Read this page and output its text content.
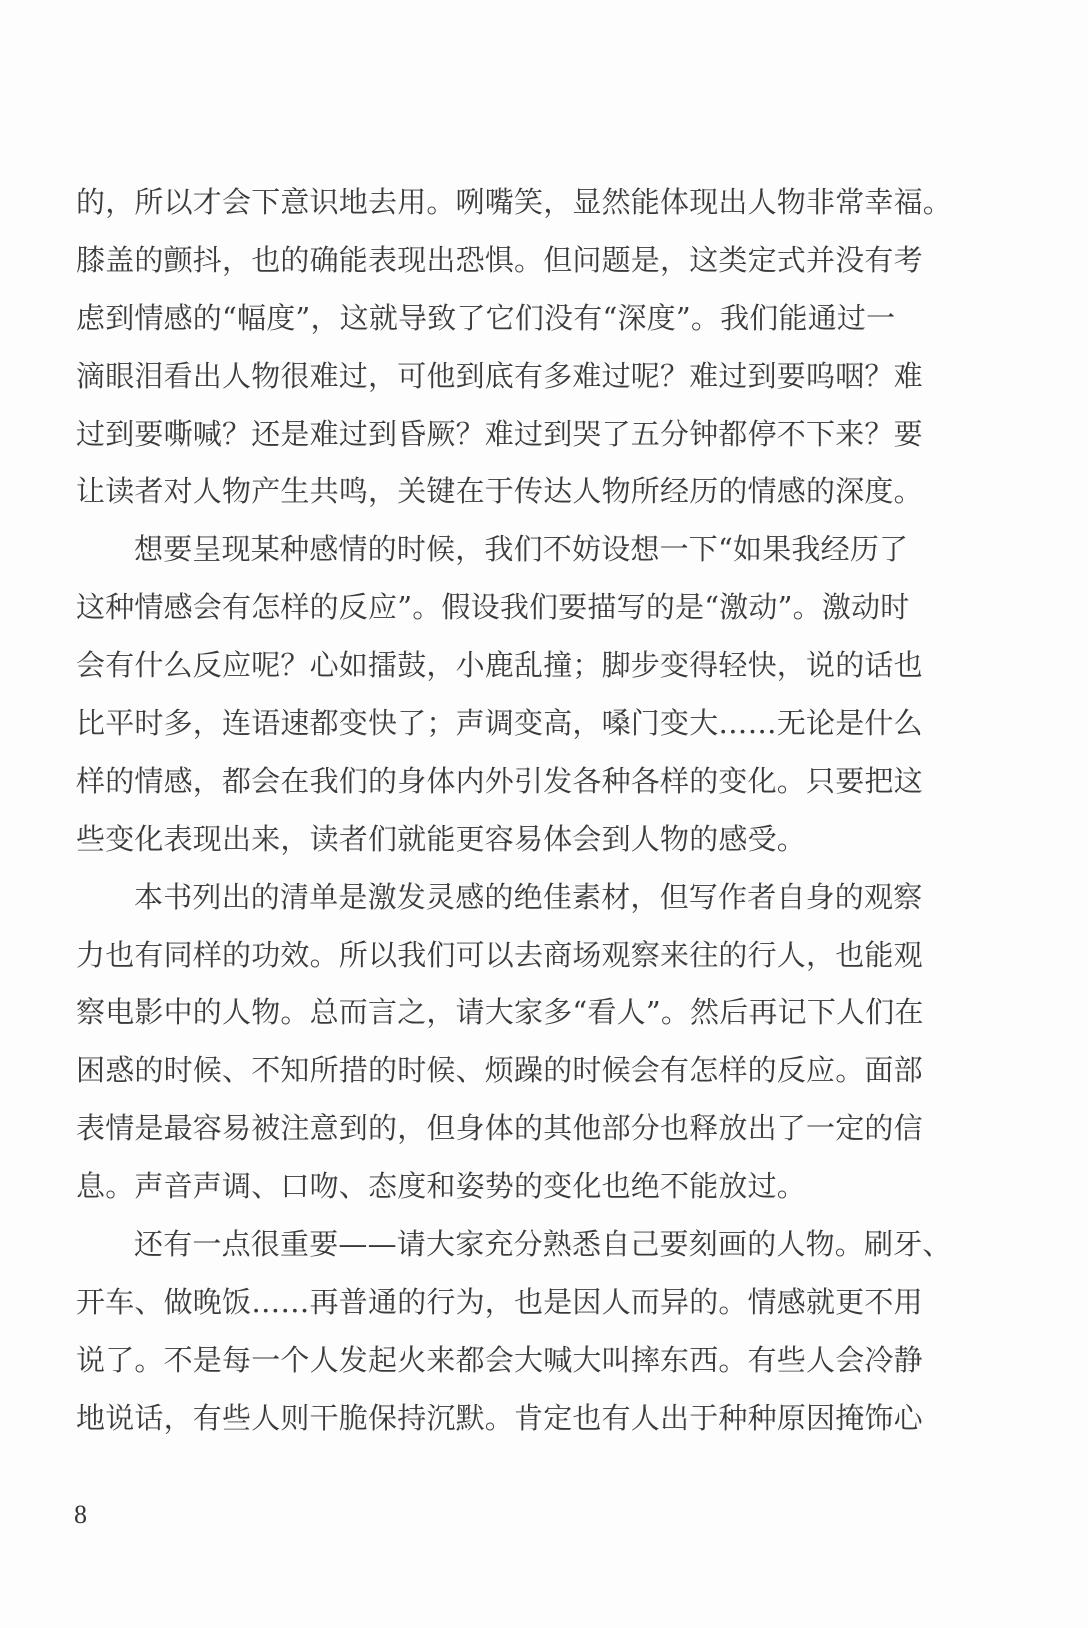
的，所以才会下意识地去用。咧嘴笑，显然能体现出人物非常幸福。
膝盖的颤抖，也的确能表现出恐惧。但问题是，这类定式并没有考
虑到情感的“幅度”，这就导致了它们没有“深度”。我们能通过一
滴眼泪看出人物很难过，可他到底有多难过呢？难过到要呜咽？难
过到要嘶喊？还是难过到昏厥？难过到哭了五分钟都停不下来？要
让读者对人物产生共鸣，关键在于传达人物所经历的情感的深度。
想要呈现某种感情的时候，我们不妨设想一下“如果我经历了
这种情感会有怎样的反应”。假设我们要描写的是“激动”。激动时
会有什么反应呢？心如擂鼓，小鹿乱撞；脚步变得轻快，说的话也
比平时多，连语速都变快了；声调变高，嗓门变大……无论是什么
样的情感，都会在我们的身体内外引发各种各样的变化。只要把这
些变化表现出来，读者们就能更容易体会到人物的感受。
本书列出的清单是激发灵感的绝佳素材，但写作者自身的观察
力也有同样的功效。所以我们可以去商场观察来往的行人，也能观
察电影中的人物。总而言之，请大家多“看人”。然后再记下人们在
困惑的时候、不知所措的时候、烦躁的时候会有怎样的反应。面部
表情是最容易被注意到的，但身体的其他部分也释放出了一定的信
息。声音声调、口吻、态度和姿势的变化也绝不能放过。
还有一点很重要——请大家充分熟悉自己要刻画的人物。刷牙、
开车、做晚饭……再普通的行为，也是因人而异的。情感就更不用
说了。不是每一个人发起火来都会大喊大叫摔东西。有些人会冷静
地说话，有些人则干脆保持沉默。肯定也有人出于种种原因掩饰心
8
